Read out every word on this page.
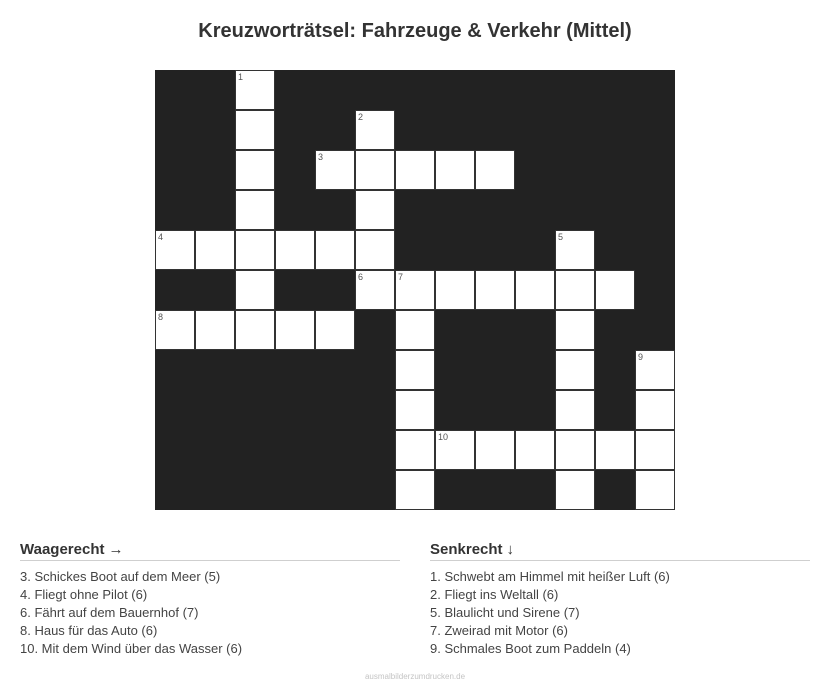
Kreuzworträtsel: Fahrzeuge & Verkehr (Mittel)
1
2
6
3
4	5
7
8
9
10
Waagerecht →
3. Schickes Boot auf dem Meer (5)
4. Fliegt ohne Pilot (6)
6. Fährt auf dem Bauernhof (7)
8. Haus für das Auto (6)
10. Mit dem Wind über das Wasser (6)
Senkrecht ↓
1. Schwebt am Himmel mit heißer Luft (6)
2. Fliegt ins Weltall (6)
5. Blaulicht und Sirene (7)
7. Zweirad mit Motor (6)
9. Schmales Boot zum Paddeln (4)
ausmalbilderzumdrucken.de
